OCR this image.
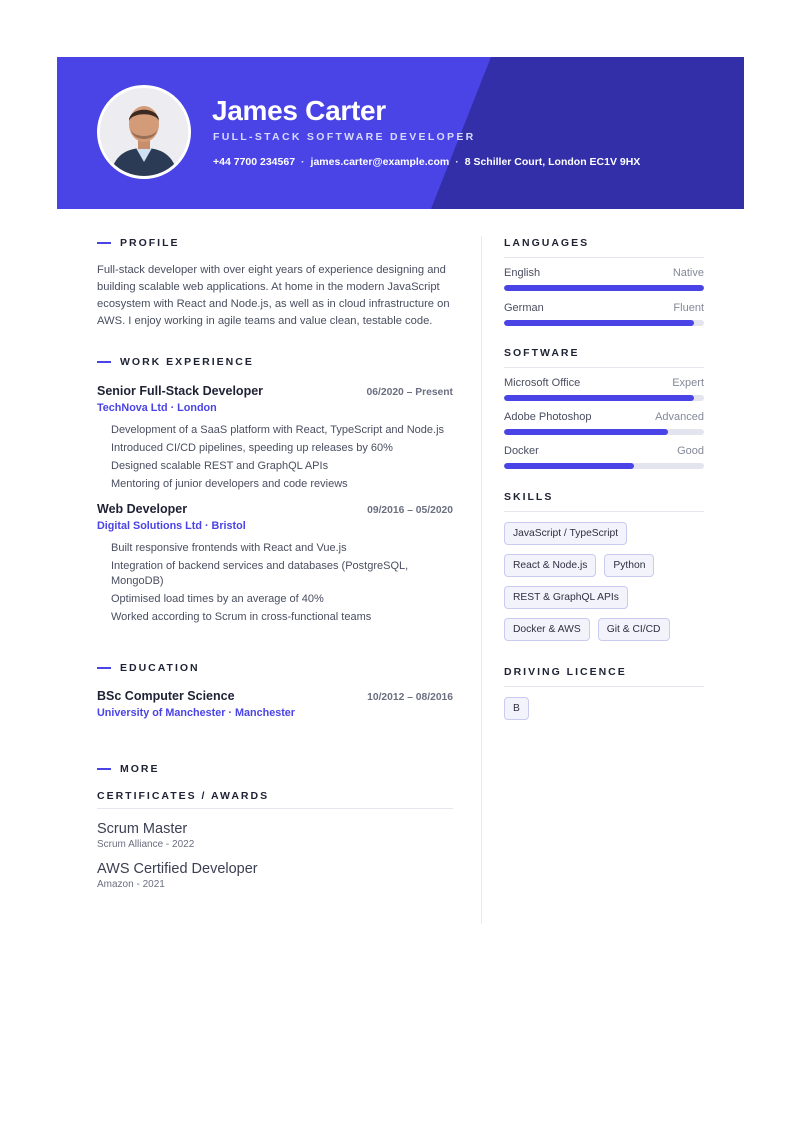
James Carter
FULL-STACK SOFTWARE DEVELOPER
+44 7700 234567 · james.carter@example.com · 8 Schiller Court, London EC1V 9HX
PROFILE

Full-stack developer with over eight years of experience designing and building scalable web applications. At home in the modern JavaScript ecosystem with React and Node.js, as well as in cloud infrastructure on AWS. I enjoy working in agile teams and value clean, testable code.

WORK EXPERIENCE
Senior Full-Stack Developer	06/2020 – Present
TechNova Ltd · London
Development of a SaaS platform with React, TypeScript and Node.js
Introduced CI/CD pipelines, speeding up releases by 60%
Designed scalable REST and GraphQL APIs
Mentoring of junior developers and code reviews
Web Developer	09/2016 – 05/2020
Digital Solutions Ltd · Bristol
Built responsive frontends with React and Vue.js
Integration of backend services and databases (PostgreSQL, MongoDB)
Optimised load times by an average of 40%
Worked according to Scrum in cross-functional teams
EDUCATION
BSc Computer Science	10/2012 – 08/2016
University of Manchester · Manchester
MORE
CERTIFICATES / AWARDS
Scrum Master
Scrum Alliance - 2022
AWS Certified Developer
Amazon - 2021
LANGUAGES
English	Native
German	Fluent
SOFTWARE
Microsoft Office	Expert
Adobe Photoshop	Advanced
Docker	Good
SKILLS
JavaScript / TypeScript
React & Node.js	Python
REST & GraphQL APIs
Docker & AWS	Git & CI/CD
DRIVING LICENCE
B
